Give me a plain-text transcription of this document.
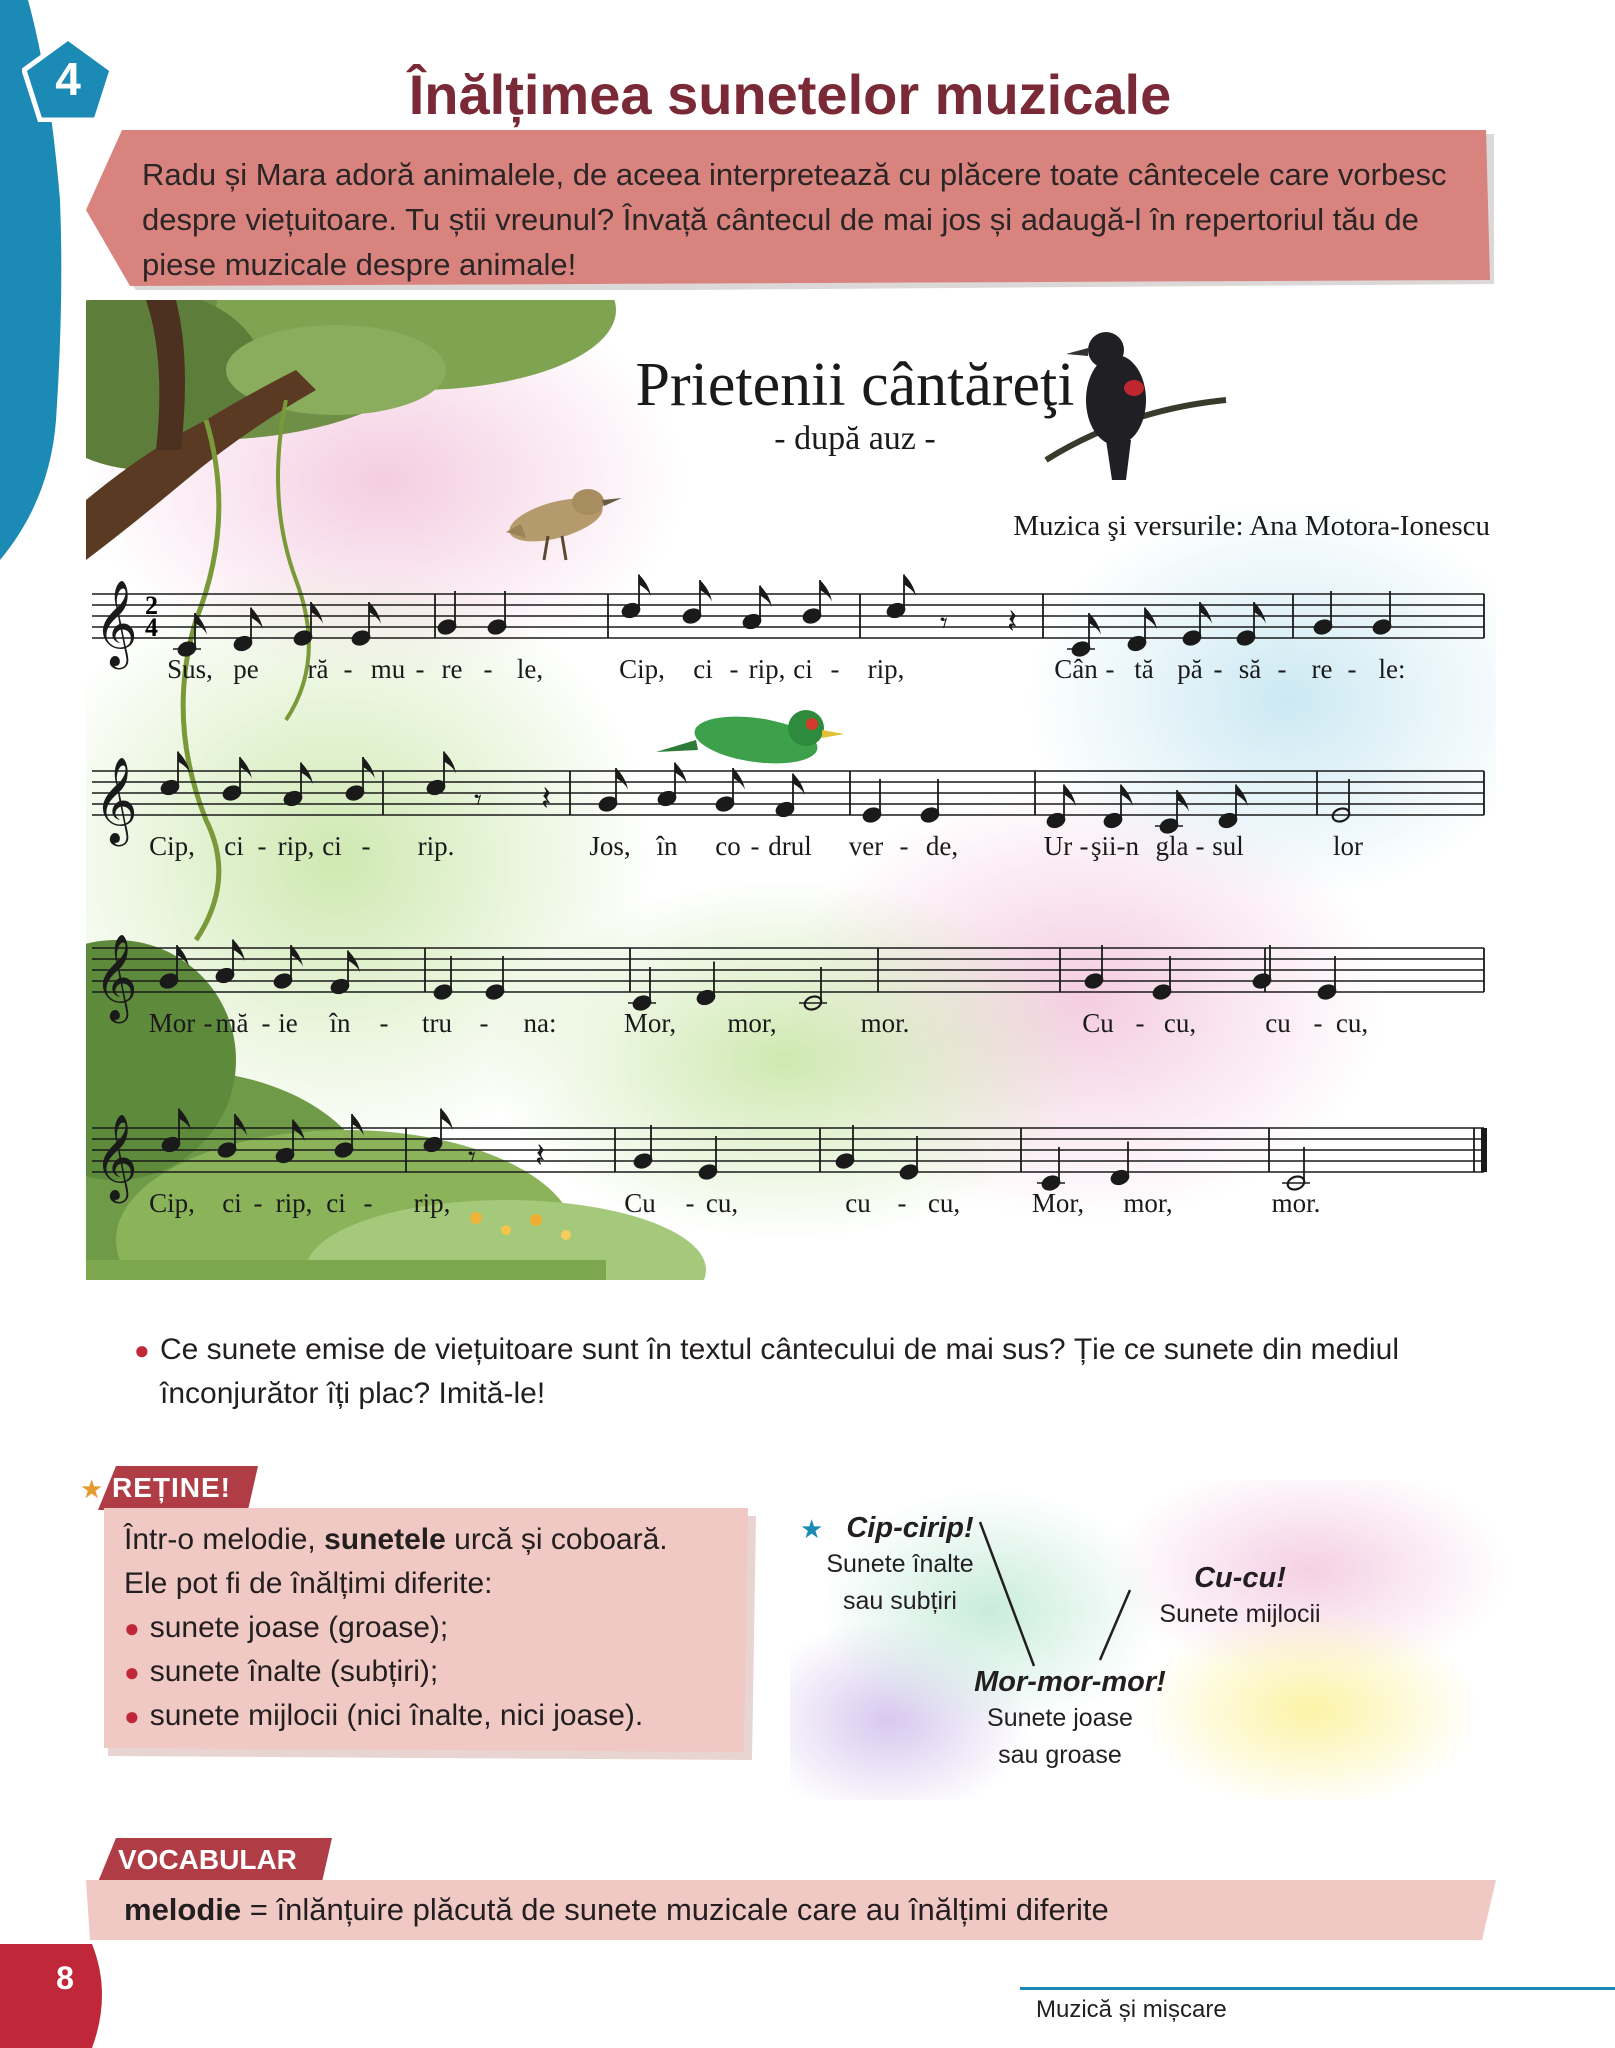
4	Înălțimea sunetelor muzicale
Radu și Mara adoră animalele, de aceea interpretează cu plăcere toate cântecele care vorbesc despre viețuitoare. Tu știi vreunul? Învață cântecul de mai jos și adaugă-l în repertoriul tău de piese muzicale despre animale!
Prietenii cântăreţi
- după auz -
Muzica şi versurile: Ana Motora-Ionescu
𝄞 2
4	𝄾 𝄽
𝄞	𝄾 𝄽
𝄞
𝄞	𝄾 𝄽
Sus, pe ră - mu - re - le,	Cip, ci - rip, ci - rip,	Cân - tă pă - să - re - le:
Cip, ci - rip, ci - rip.	Jos, în co - drul ver - de,	Ur - şii-n gla - sul	lor
Mor - mă - ie în - tru - na: Mor, mor,	mor.	Cu - cu,	cu - cu,
Cip, ci - rip, ci - rip,	Cu - cu,	cu - cu,	Mor, mor,	mor.
● Ce sunete emise de viețuitoare sunt în textul cântecului de mai sus? Ție ce sunete din mediul înconjurător îți plac? Imită-le!
★ REȚINE!
Într-o melodie, sunetele urcă și coboară.
Ele pot fi de înălțimi diferite:
● sunete joase (groase);
● sunete înalte (subțiri);
● sunete mijlocii (nici înalte, nici joase).
★ Cip-cirip!
Sunete înalte
sau subțiri
Cu-cu!
Sunete mijlocii
Mor-mor-mor!
Sunete joase
sau groase
VOCABULAR
melodie = înlănțuire plăcută de sunete muzicale care au înălțimi diferite
8
Muzică și mișcare
